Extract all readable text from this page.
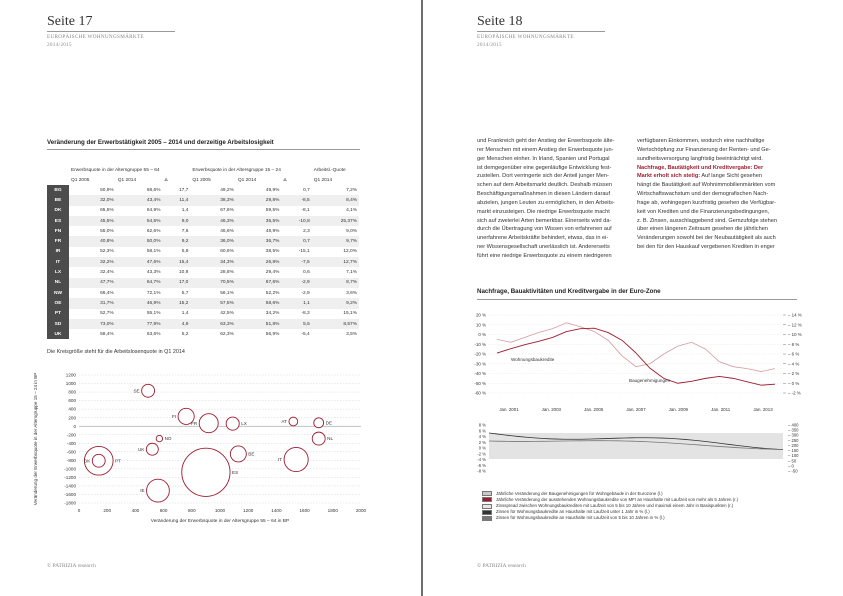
Seite 17
EUROPÄISCHE WOHNUNGSMÄRKTE
2014/2015
Veränderung der Erwerbstätigkeit 2005 – 2014 und derzeitige Arbeitslosigkeit
	Erwerbsquote in der Altersgruppe 55 – 64			Erwerbsquote in der Altersgruppe 15 – 24			Arbeitsl.-Quote
	Q1 2005	Q1 2014	Δ	Q1 2005	Q1 2014	Δ	Q1 2014
BG	50,9%	68,6%	17,7	49,2%	49,9%	0,7	7,2%
BE	32,0%	43,4%	11,4	38,3%	29,8%	-8,5	8,4%
DK	65,5%	64,9%	1,4	67,6%	59,5%	-8,1	4,1%
ES	45,5%	54,5%	9,0	46,3%	35,5%	-10,8	25,37%
FN	55,0%	62,6%	7,6	46,6%	48,9%	2,3	9,0%
FR	40,8%	50,0%	9,2	36,0%	36,7%	0,7	9,7%
IR	52,3%	58,1%	5,8	60,6%	38,5%	-15,1	12,0%
IT	32,2%	47,6%	15,4	34,3%	26,8%	-7,5	12,7%
LX	32,4%	43,3%	10,9	28,8%	29,4%	0,6	7,1%
NL	47,7%	64,7%	17,0	70,5%	67,6%	-2,9	8,7%
NW	66,4%	72,1%	5,7	56,1%	52,2%	-2,9	3,6%
OE	31,7%	46,9%	15,2	57,5%	58,6%	1,1	9,2%
PT	52,7%	55,1%	1,4	42,5%	34,2%	-8,3	15,1%
SD	73,0%	77,9%	4,9	63,3%	51,8%	5,5	8,57%
UK	58,4%	63,6%	5,2	62,3%	56,9%	-5,4	3,5%
Die Kreisgröße steht für die Arbeitslosenquote in Q1 2014
1200
1000
800
600
400
200
0
-200
-400
-600
-800
-1000
-1200
-1400
-1600
-1800
0	200	400	600	800	1000	1200	1400	1600	1800	2000
Veränderung der Erwerbsquote in der Altersgruppe 55 – 64 in BP
Veränderung der Erwerbsquote in der Altersgruppe 15 – 24 in BP	SE
FI
FR	LX	AT	DE
NL
NO
UK
DK	PT
BE
IT
ES
IE
© PATRIZIA research
Seite 18
EUROPÄISCHE WOHNUNGSMÄRKTE
2014/2015
und Frankreich geht der Anstieg der Erwerbsquote älte-
rer Menschen mit einem Anstieg der Erwerbsquote jun-
ger Menschen einher. In Irland, Spanien und Portugal
ist demgegenüber eine gegenläufige Entwicklung fest-
zustellen. Dort verringerte sich der Anteil junger Men-
schen auf dem Arbeitsmarkt deutlich. Deshalb müssen
Beschäftigungsmaßnahmen in diesen Ländern darauf
abzielen, jungen Leuten zu ermöglichen, in den Arbeits-
markt einzusteigen. Die niedrige Erwerbsquote macht
sich auf zweierlei Arten bemerkbar. Einerseits wird da-
durch die Übertragung von Wissen von erfahrenen auf
unerfahrene Arbeitskräfte behindert, etwas, das in ei-
ner Wissensgesellschaft unerlässlich ist. Andererseits
führt eine niedrige Erwerbsquote zu einem niedrigeren
verfügbaren Einkommen, wodurch eine nachhaltige
Wertschöpfung zur Finanzierung der Renten- und Ge-
sundheitsversorgung langfristig beeinträchtigt wird.
Nachfrage, Bautätigkeit und Kreditvergabe: Der
Markt erholt sich stetig: Auf lange Sicht gesehen
hängt die Bautätigkeit auf Wohnimmobilienmärkten vom
Wirtschaftswachstum und der demografischen Nach-
frage ab, wohingegen kurzfristig gesehen die Verfügbar-
keit von Krediten und die Finanzierungsbedingungen,
z. B. Zinsen, ausschlaggebend sind. Gemzufolge stehen
über einen längeren Zeitraum gesehen die jährlichen
Veränderungen sowohl bei der Neubautätigkeit als auch
bei den für den Hauskauf vergebenen Krediten in enger
Nachfrage, Bauaktivitäten und Kreditvergabe in der Euro-Zone
20 %
10 %
0 %
-10 %
-20 %
-30 %
-40 %
-50 %
-60 %
– 14 %
– 12 %
– 10 %
– 8 %
– 6 %
– 4 %
– 2 %
– 0 %
– -2 %
Wohnungsbaukredite
Baugenehmigungen
Jan. 2001	Jan. 2003	Jan. 2005	Jan. 2007	Jan. 2009	Jan. 2011	Jan. 2013
8 %
6 %
4 %
2 %
0 %
-2 %
-4 %
-6 %
-8 %
– 400
– 350
– 300
– 250
– 200
– 150
– 100
– 50
– 0
– -50
Jährliche Veränderung der Baugenehmigungen für Wohngebäude in der Eurozone (l.)
Jährliche Veränderung der ausstehenden Wohnungsbaukredite von MFI an Haushalte mit Laufzeit von mehr als 5 Jahren (r.)
Zinsspread zwischen Wohnungsbaukrediten mit Laufzeit von 5 bis 10 Jahren und maximal einem Jahr in Basispunkten (r.)
Zinsen für Wohnungsbaukredite an Haushalte mit Laufzeit unter 1 Jahr in % (l.)
Zinsen für Wohnungsbaukredite an Haushalte mit Laufzeit von 5 bis 10 Jahren in % (l.)
© PATRIZIA research
